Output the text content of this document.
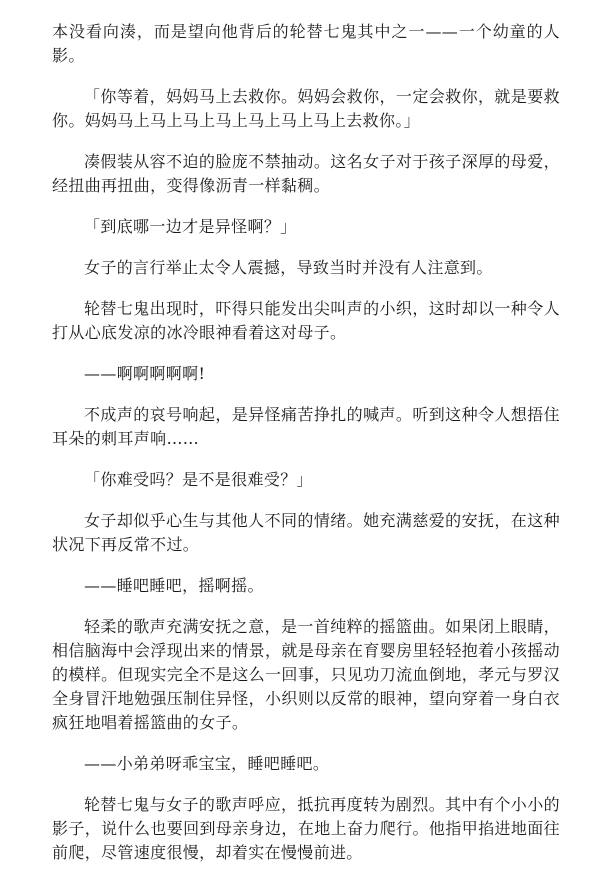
本没看向湊，而是望向他背后的轮替七鬼其中之一——一个幼童的人影。

「你等着，妈妈马上去救你。妈妈会救你，一定会救你，就是要救你。妈妈马上马上马上马上马上马上马上去救你。」

凑假装从容不迫的脸庞不禁抽动。这名女子对于孩子深厚的母爱，经扭曲再扭曲，变得像沥青一样黏稠。

「到底哪一边才是异怪啊？」

女子的言行举止太令人震撼，导致当时并没有人注意到。

轮替七鬼出现时，吓得只能发出尖叫声的小织，这时却以一种令人打从心底发凉的冰冷眼神看着这对母子。

——啊啊啊啊啊!

不成声的哀号响起，是异怪痛苦挣扎的喊声。听到这种令人想捂住耳朵的刺耳声响……

「你难受吗？是不是很难受？」

女子却似乎心生与其他人不同的情绪。她充满慈爱的安抚，在这种状况下再反常不过。

——睡吧睡吧，摇啊摇。

轻柔的歌声充满安抚之意，是一首纯粹的摇篮曲。如果闭上眼睛，相信脑海中会浮现出来的情景，就是母亲在育婴房里轻轻抱着小孩摇动的模样。但现实完全不是这么一回事，只见功刀流血倒地，孝元与罗汉全身冒汗地勉强压制住异怪，小织则以反常的眼神，望向穿着一身白衣疯狂地唱着摇篮曲的女子。

——小弟弟呀乖宝宝，睡吧睡吧。

轮替七鬼与女子的歌声呼应，抵抗再度转为剧烈。其中有个小小的影子，说什么也要回到母亲身边，在地上奋力爬行。他指甲掐进地面往前爬，尽管速度很慢，却着实在慢慢前进。
